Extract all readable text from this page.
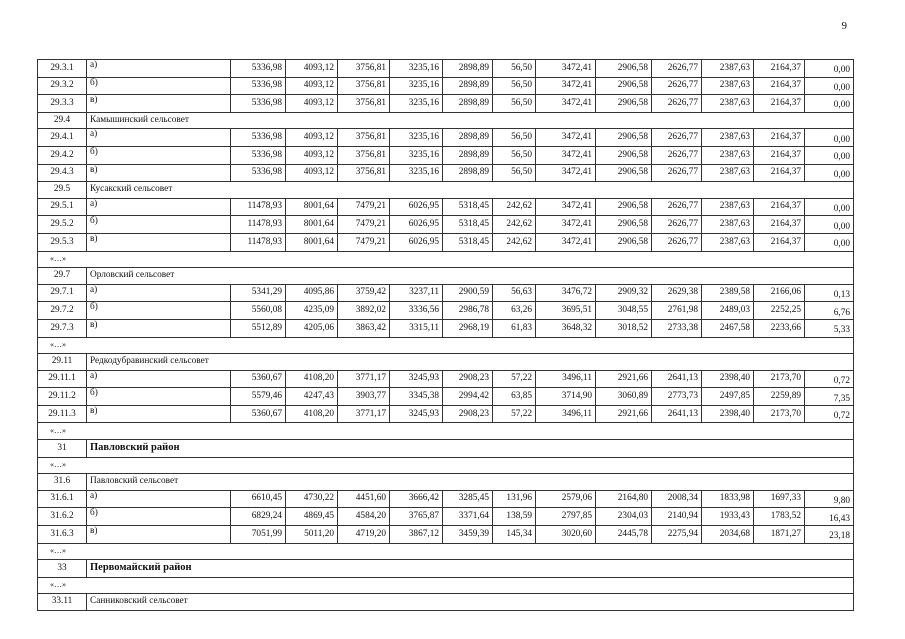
9
29.3.1	а)	5336,98	4093,12	3756,81	3235,16	2898,89	56,50	3472,41	2906,58	2626,77	2387,63	2164,37	0,00
29.3.2	б)	5336,98	4093,12	3756,81	3235,16	2898,89	56,50	3472,41	2906,58	2626,77	2387,63	2164,37	0,00
29.3.3	в)	5336,98	4093,12	3756,81	3235,16	2898,89	56,50	3472,41	2906,58	2626,77	2387,63	2164,37	0,00
29.4	Камышинский сельсовет												
29.4.1	а)	5336,98	4093,12	3756,81	3235,16	2898,89	56,50	3472,41	2906,58	2626,77	2387,63	2164,37	0,00
29.4.2	б)	5336,98	4093,12	3756,81	3235,16	2898,89	56,50	3472,41	2906,58	2626,77	2387,63	2164,37	0,00
29.4.3	в)	5336,98	4093,12	3756,81	3235,16	2898,89	56,50	3472,41	2906,58	2626,77	2387,63	2164,37	0,00
29.5	Кусакский сельсовет												
29.5.1	а)	11478,93	8001,64	7479,21	6026,95	5318,45	242,62	3472,41	2906,58	2626,77	2387,63	2164,37	0,00
29.5.2	б)	11478,93	8001,64	7479,21	6026,95	5318,45	242,62	3472,41	2906,58	2626,77	2387,63	2164,37	0,00
29.5.3	в)	11478,93	8001,64	7479,21	6026,95	5318,45	242,62	3472,41	2906,58	2626,77	2387,63	2164,37	0,00
«…»													
29.7	Орловский сельсовет												
29.7.1	а)	5341,29	4095,86	3759,42	3237,11	2900,59	56,63	3476,72	2909,32	2629,38	2389,58	2166,06	0,13
29.7.2	б)	5560,08	4235,09	3892,02	3336,56	2986,78	63,26	3695,51	3048,55	2761,98	2489,03	2252,25	6,76
29.7.3	в)	5512,89	4205,06	3863,42	3315,11	2968,19	61,83	3648,32	3018,52	2733,38	2467,58	2233,66	5,33
«…»													
29.11	Редкодубравинский сельсовет												
29.11.1	а)	5360,67	4108,20	3771,17	3245,93	2908,23	57,22	3496,11	2921,66	2641,13	2398,40	2173,70	0,72
29.11.2	б)	5579,46	4247,43	3903,77	3345,38	2994,42	63,85	3714,90	3060,89	2773,73	2497,85	2259,89	7,35
29.11.3	в)	5360,67	4108,20	3771,17	3245,93	2908,23	57,22	3496,11	2921,66	2641,13	2398,40	2173,70	0,72
«…»													
31	Павловский район												
«…»													
31.6	Павловский сельсовет												
31.6.1	а)	6610,45	4730,22	4451,60	3666,42	3285,45	131,96	2579,06	2164,80	2008,34	1833,98	1697,33	9,80
31.6.2	б)	6829,24	4869,45	4584,20	3765,87	3371,64	138,59	2797,85	2304,03	2140,94	1933,43	1783,52	16,43
31.6.3	в)	7051,99	5011,20	4719,20	3867,12	3459,39	145,34	3020,60	2445,78	2275,94	2034,68	1871,27	23,18
«…»													
33	Первомайский район												
«…»													
33.11	Санниковский сельсовет												
